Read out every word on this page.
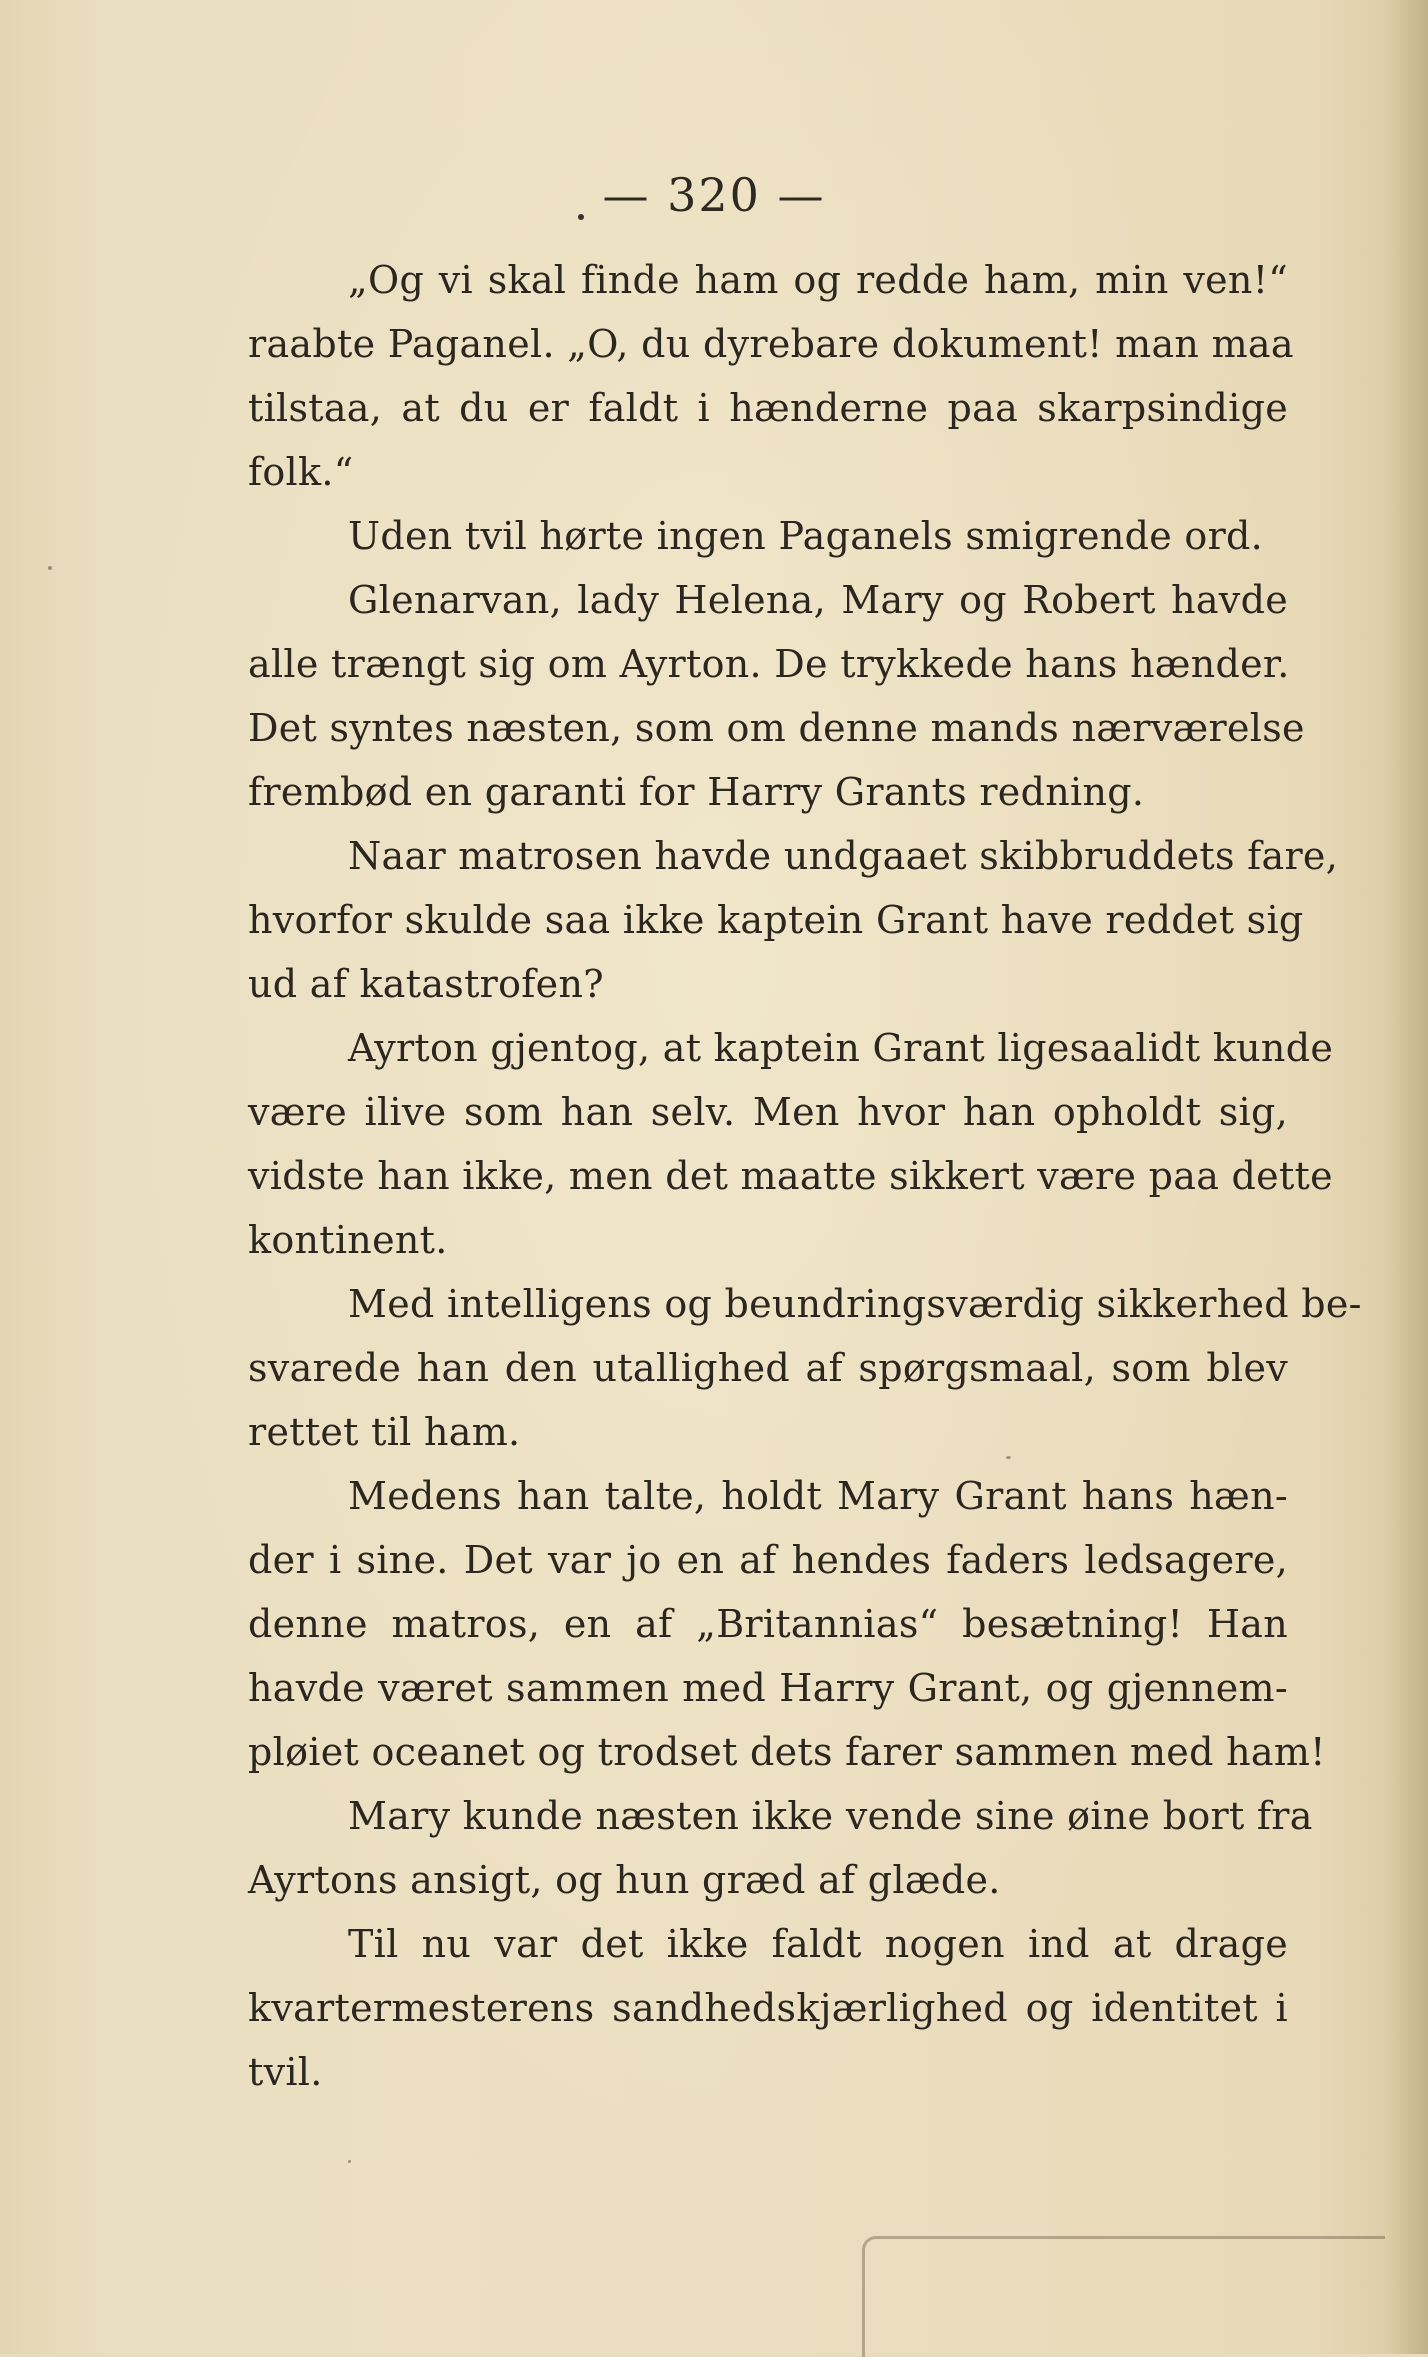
— 320 —
„Og vi skal finde ham og redde ham, min ven!“
raabte Paganel. „O, du dyrebare dokument! man maa
tilstaa, at du er faldt i hænderne paa skarpsindige
folk.“
Uden tvil hørte ingen Paganels smigrende ord.
Glenarvan, lady Helena, Mary og Robert havde
alle trængt sig om Ayrton. De trykkede hans hænder.
Det syntes næsten, som om denne mands nærværelse
frembød en garanti for Harry Grants redning.
Naar matrosen havde undgaaet skibbruddets fare,
hvorfor skulde saa ikke kaptein Grant have reddet sig
ud af katastrofen?
Ayrton gjentog, at kaptein Grant ligesaalidt kunde
være ilive som han selv. Men hvor han opholdt sig,
vidste han ikke, men det maatte sikkert være paa dette
kontinent.
Med intelligens og beundringsværdig sikkerhed be-
svarede han den utallighed af spørgsmaal, som blev
rettet til ham.
Medens han talte, holdt Mary Grant hans hæn-
der i sine. Det var jo en af hendes faders ledsagere,
denne matros, en af „Britannias“ besætning! Han
havde været sammen med Harry Grant, og gjennem-
pløiet oceanet og trodset dets farer sammen med ham!
Mary kunde næsten ikke vende sine øine bort fra
Ayrtons ansigt, og hun græd af glæde.
Til nu var det ikke faldt nogen ind at drage
kvartermesterens sandhedskjærlighed og identitet i
tvil.
